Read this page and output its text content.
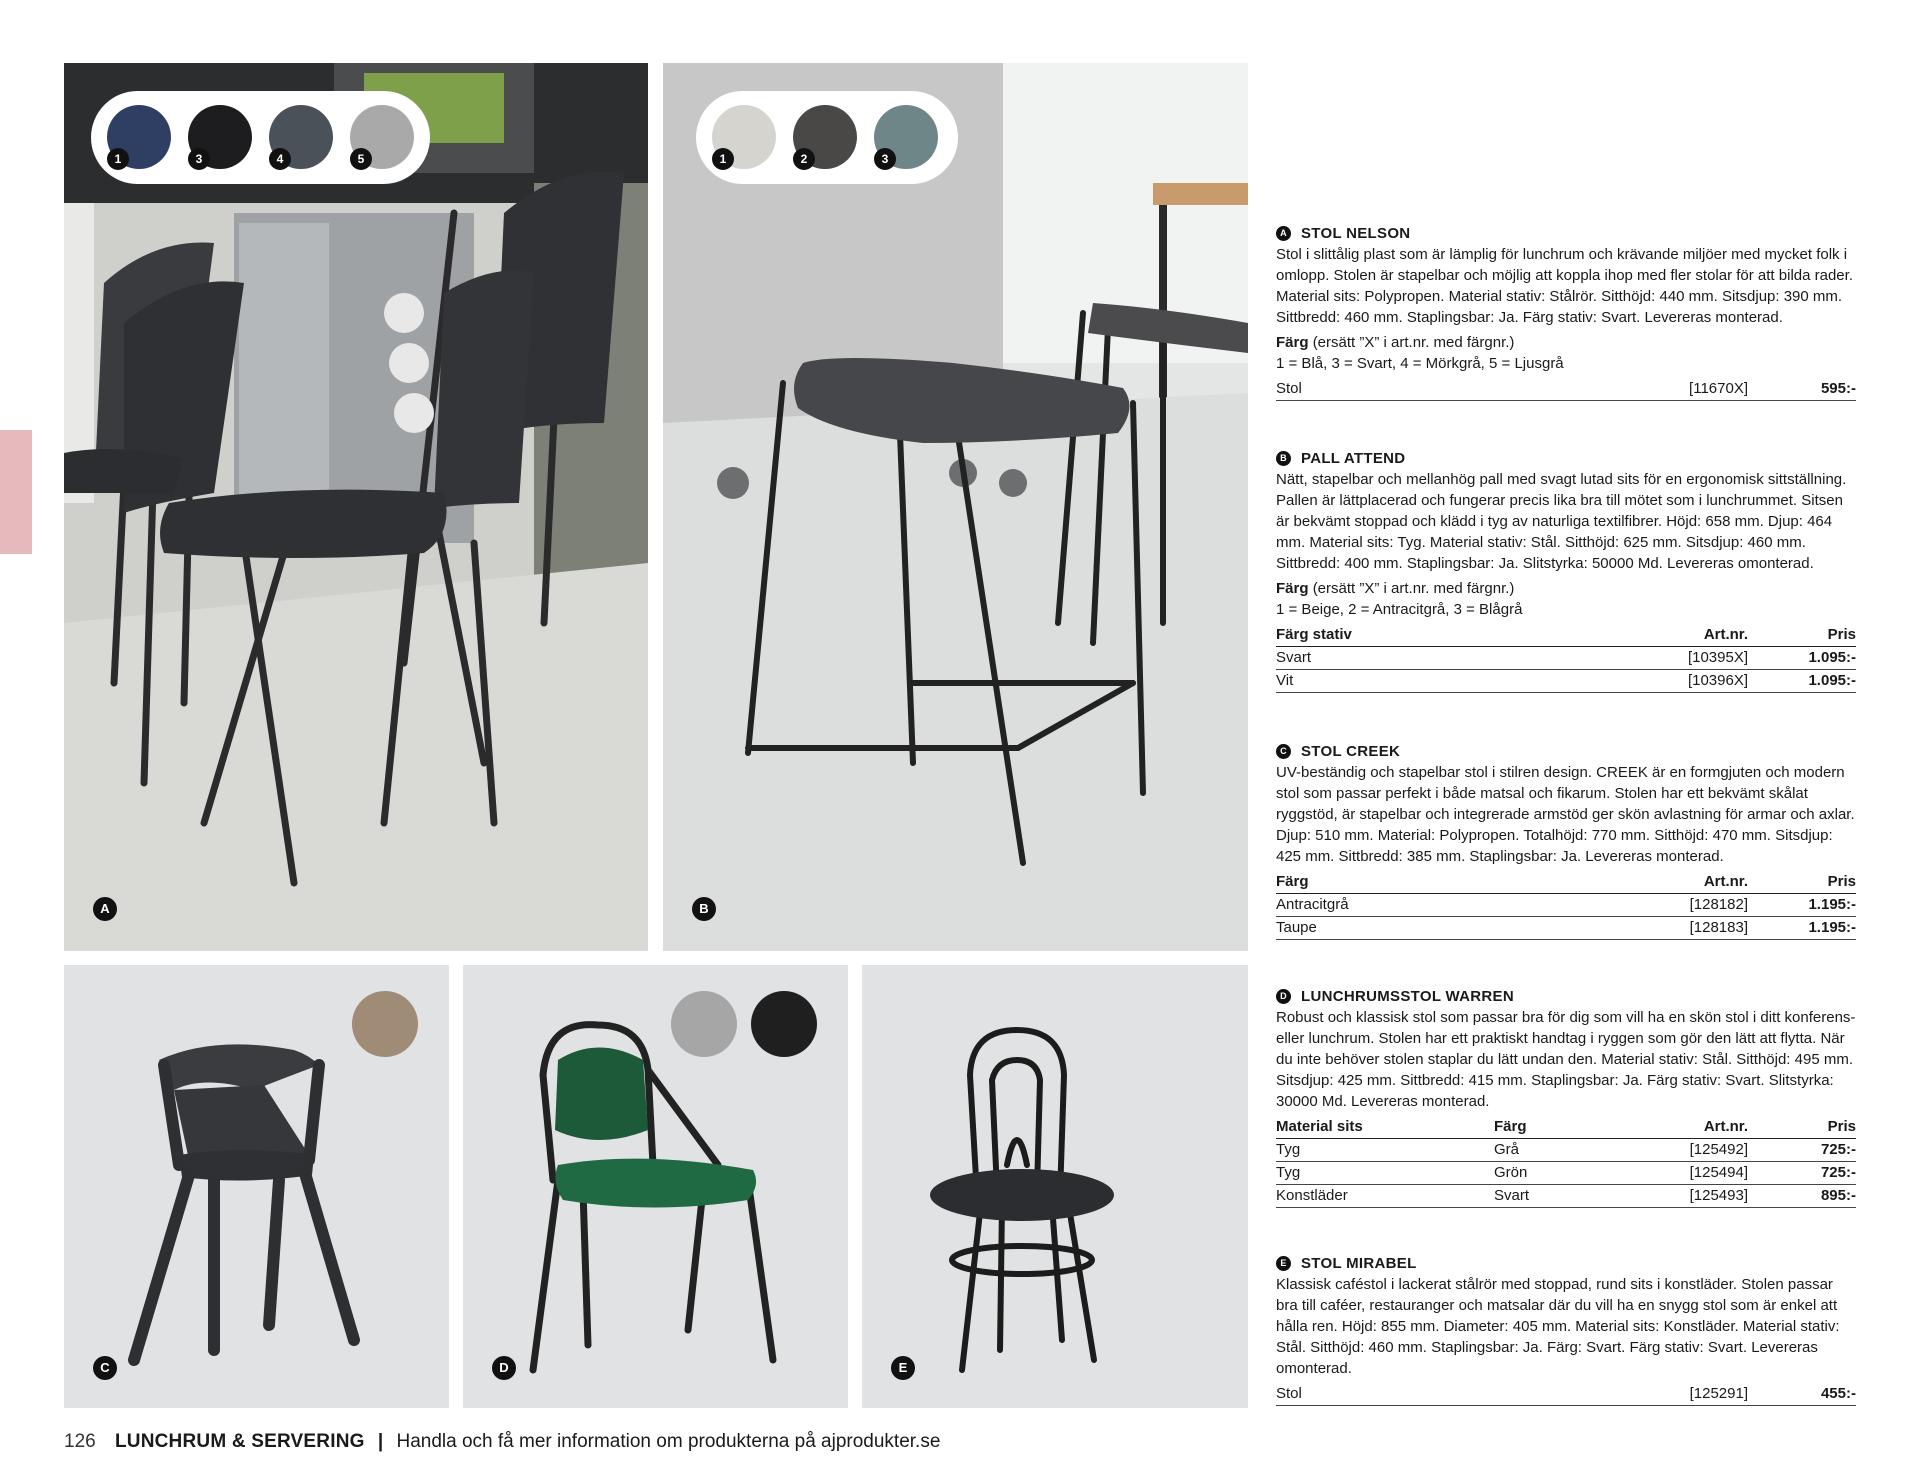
1	3	4	5
A
1	2	3
B
C	D	E
A STOL NELSON

Stol i slittålig plast som är lämplig för lunchrum och krävande miljöer med mycket folk i omlopp. Stolen är stapelbar och möjlig att koppla ihop med fler stolar för att bilda rader. Material sits: Polypropen. Material stativ: Stålrör. Sitthöjd: 440 mm. Sitsdjup: 390 mm. Sittbredd: 460 mm. Staplingsbar: Ja. Färg stativ: Svart. Levereras monterad.

Färg (ersätt ”X” i art.nr. med färgnr.)
1 = Blå, 3 = Svart, 4 = Mörkgrå, 5 = Ljusgrå
Stol	[11670X]	595:-
B PALL ATTEND

Nätt, stapelbar och mellanhög pall med svagt lutad sits för en ergonomisk sittställning. Pallen är lättplacerad och fungerar precis lika bra till mötet som i lunchrummet. Sitsen är bekvämt stoppad och klädd i tyg av naturliga textilfibrer. Höjd: 658 mm. Djup: 464 mm. Material sits: Tyg. Material stativ: Stål. Sitthöjd: 625 mm. Sitsdjup: 460 mm. Sittbredd: 400 mm. Staplingsbar: Ja. Slitstyrka: 50000 Md. Levereras omonterad.

Färg (ersätt ”X” i art.nr. med färgnr.)
1 = Beige, 2 = Antracitgrå, 3 = Blågrå
Färg stativ	Art.nr.	Pris
Svart	[10395X]	1.095:-
Vit	[10396X]	1.095:-
C STOL CREEK

UV-beständig och stapelbar stol i stilren design. CREEK är en formgjuten och modern stol som passar perfekt i både matsal och fikarum. Stolen har ett bekvämt skålat ryggstöd, är stapelbar och integrerade armstöd ger skön avlastning för armar och axlar. Djup: 510 mm. Material: Polypropen. Totalhöjd: 770 mm. Sitthöjd: 470 mm. Sitsdjup: 425 mm. Sittbredd: 385 mm. Staplingsbar: Ja. Levereras monterad.

Färg	Art.nr.	Pris
Antracitgrå	[128182]	1.195:-
Taupe	[128183]	1.195:-
D LUNCHRUMSSTOL WARREN

Robust och klassisk stol som passar bra för dig som vill ha en skön stol i ditt konferens- eller lunchrum. Stolen har ett praktiskt handtag i ryggen som gör den lätt att flytta. När du inte behöver stolen staplar du lätt undan den. Material stativ: Stål. Sitthöjd: 495 mm. Sitsdjup: 425 mm. Sittbredd: 415 mm. Staplingsbar: Ja. Färg stativ: Svart. Slitstyrka: 30000 Md. Levereras monterad.

Material sits	Färg	Art.nr.	Pris
Tyg	Grå	[125492]	725:-
Tyg	Grön	[125494]	725:-
Konstläder	Svart	[125493]	895:-
E STOL MIRABEL

Klassisk caféstol i lackerat stålrör med stoppad, rund sits i konstläder. Stolen passar bra till caféer, restauranger och matsalar där du vill ha en snygg stol som är enkel att hålla ren. Höjd: 855 mm. Diameter: 405 mm. Material sits: Konstläder. Material stativ: Stål. Sitthöjd: 460 mm. Staplingsbar: Ja. Färg: Svart. Färg stativ: Svart. Levereras omonterad.

Stol	[125291]	455:-
126 LUNCHRUM & SERVERING | Handla och få mer information om produkterna på ajprodukter.se
